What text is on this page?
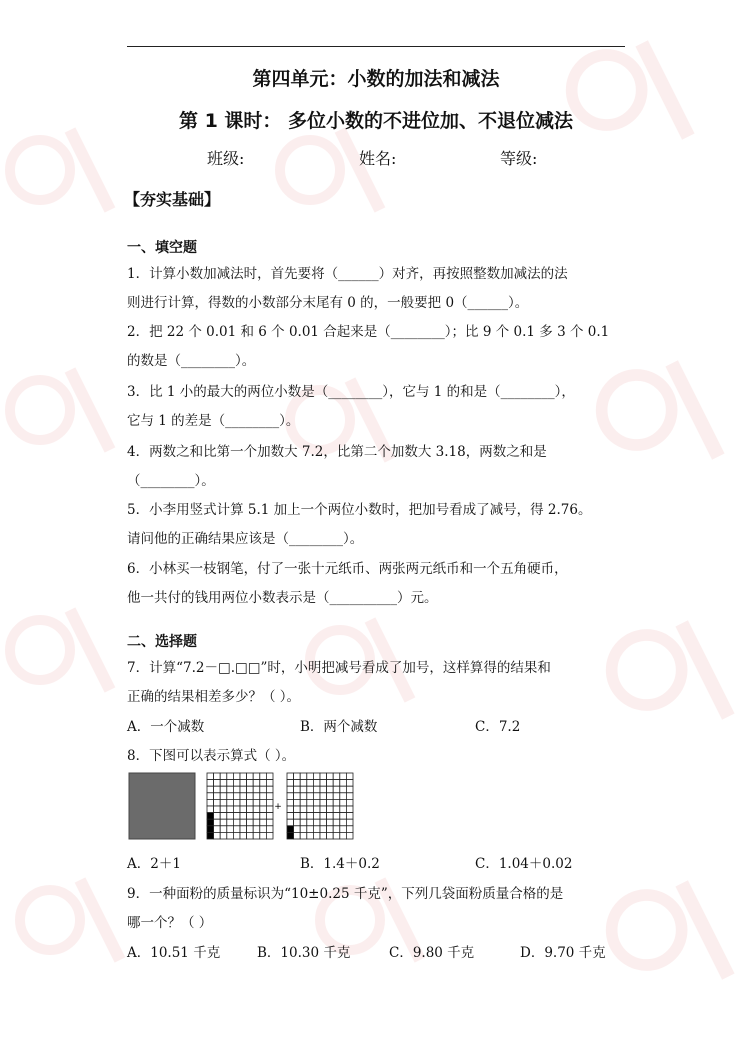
第四单元：小数的加法和减法
第 1 课时： 多位小数的不进位加、不退位减法
班级:	姓名:	等级:
【夯实基础】
一、填空题
1．计算小数加减法时，首先要将（______）对齐，再按照整数加减法的法
则进行计算，得数的小数部分末尾有 0 的，一般要把 0（______）。
2．把 22 个 0.01 和 6 个 0.01 合起来是（________）；比 9 个 0.1 多 3 个 0.1
的数是（________）。
3．比 1 小的最大的两位小数是（________），它与 1 的和是（________），
它与 1 的差是（________）。
4．两数之和比第一个加数大 7.2，比第二个加数大 3.18，两数之和是
（________）。
5．小李用竖式计算 5.1 加上一个两位小数时，把加号看成了减号，得 2.76。
请问他的正确结果应该是（________）。
6．小林买一枝钢笔，付了一张十元纸币、两张两元纸币和一个五角硬币，
他一共付的钱用两位小数表示是（__________）元。
二、选择题
7．计算“7.2－□.□□”时，小明把减号看成了加号，这样算得的结果和
正确的结果相差多少？（ ）。
A．一个减数	B．两个减数	C．7.2
8．下图可以表示算式（ ）。
+
A．2＋1	B．1.4＋0.2	C．1.04＋0.02
9．一种面粉的质量标识为“10±0.25 千克”，下列几袋面粉质量合格的是
哪一个？（ ）
A．10.51 千克	B．10.30 千克	C．9.80 千克	D．9.70 千克
